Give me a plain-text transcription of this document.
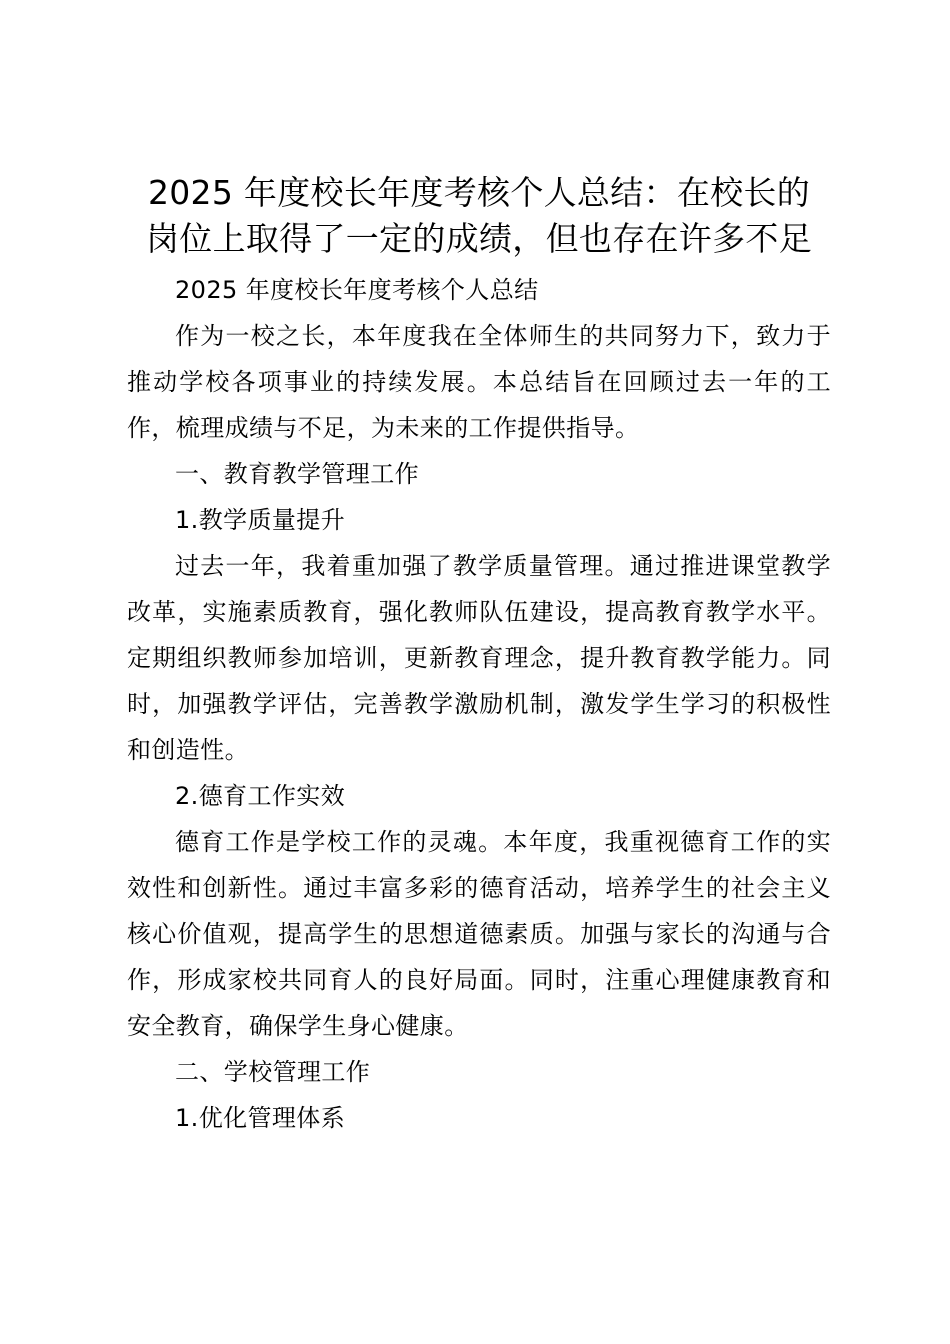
2025 年度校长年度考核个人总结：在校长的
岗位上取得了一定的成绩，但也存在许多不足

2025 年度校长年度考核个人总结

作为一校之长，本年度我在全体师生的共同努力下，致力于推动学校各项事业的持续发展。本总结旨在回顾过去一年的工作，梳理成绩与不足，为未来的工作提供指导。

一、教育教学管理工作

1.教学质量提升

过去一年，我着重加强了教学质量管理。通过推进课堂教学改革，实施素质教育，强化教师队伍建设，提高教育教学水平。定期组织教师参加培训，更新教育理念，提升教育教学能力。同时，加强教学评估，完善教学激励机制，激发学生学习的积极性和创造性。

2.德育工作实效

德育工作是学校工作的灵魂。本年度，我重视德育工作的实效性和创新性。通过丰富多彩的德育活动，培养学生的社会主义核心价值观，提高学生的思想道德素质。加强与家长的沟通与合作，形成家校共同育人的良好局面。同时，注重心理健康教育和安全教育，确保学生身心健康。

二、学校管理工作

1.优化管理体系
